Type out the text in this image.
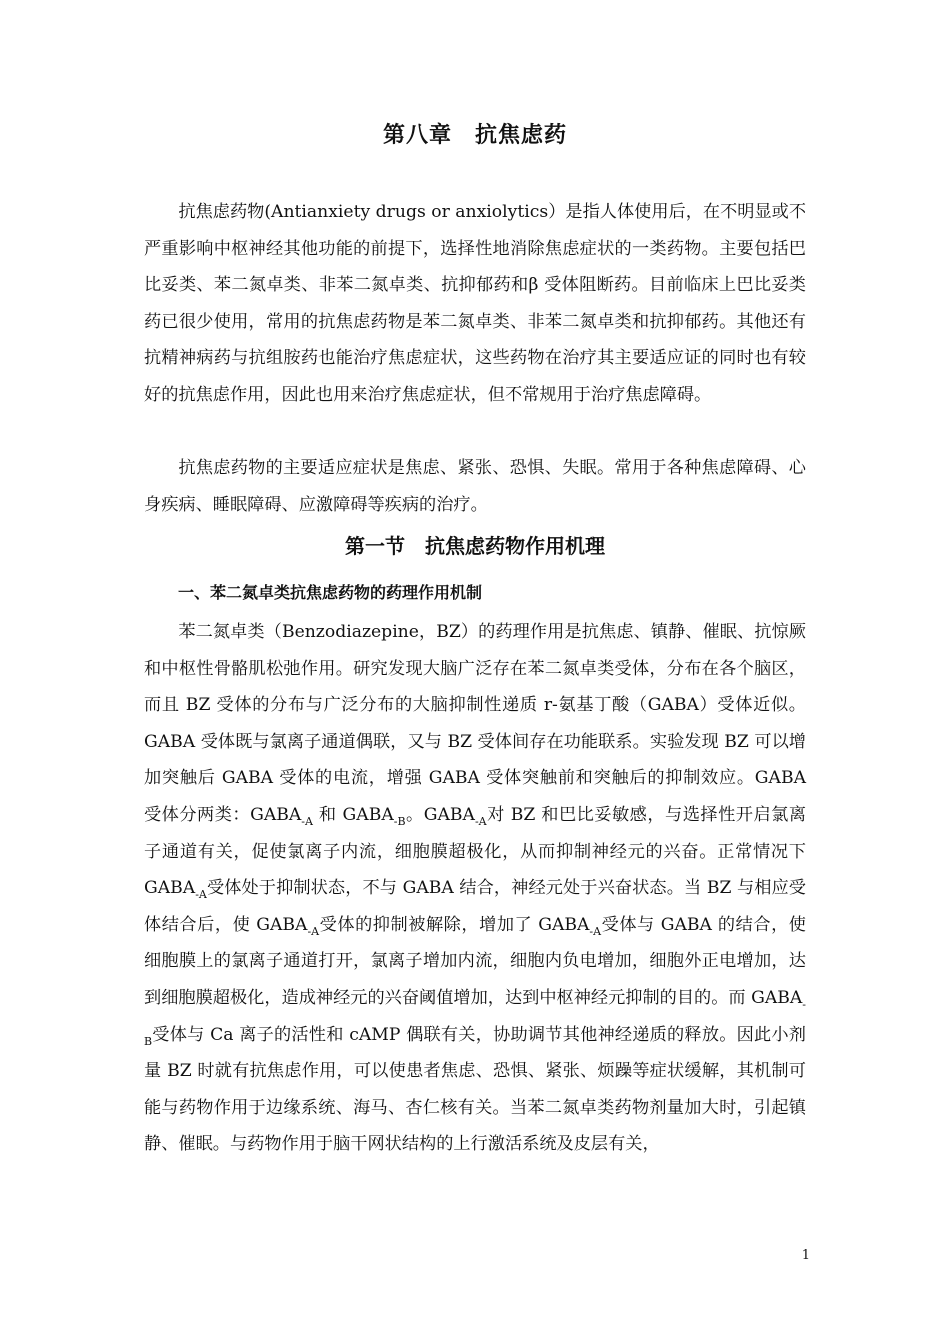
第八章　抗焦虑药

抗焦虑药物(Antianxiety drugs or anxiolytics）是指人体使用后，在不明显或不严重影响中枢神经其他功能的前提下，选择性地消除焦虑症状的一类药物。主要包括巴比妥类、苯二氮卓类、非苯二氮卓类、抗抑郁药和β 受体阻断药。目前临床上巴比妥类药已很少使用，常用的抗焦虑药物是苯二氮卓类、非苯二氮卓类和抗抑郁药。其他还有抗精神病药与抗组胺药也能治疗焦虑症状，这些药物在治疗其主要适应证的同时也有较好的抗焦虑作用，因此也用来治疗焦虑症状，但不常规用于治疗焦虑障碍。

抗焦虑药物的主要适应症状是焦虑、紧张、恐惧、失眠。常用于各种焦虑障碍、心身疾病、睡眠障碍、应激障碍等疾病的治疗。

第一节　抗焦虑药物作用机理
一、苯二氮卓类抗焦虑药物的药理作用机制

苯二氮卓类（Benzodiazepine，BZ）的药理作用是抗焦虑、镇静、催眠、抗惊厥和中枢性骨骼肌松弛作用。研究发现大脑广泛存在苯二氮卓类受体，分布在各个脑区，而且 BZ 受体的分布与广泛分布的大脑抑制性递质 r-氨基丁酸（GABA）受体近似。GABA 受体既与氯离子通道偶联，又与 BZ 受体间存在功能联系。实验发现 BZ 可以增加突触后 GABA 受体的电流，增强 GABA 受体突触前和突触后的抑制效应。GABA 受体分两类：$GABA_{-A}$ 和 $GABA_{-B}$。$GABA_{-A}$对 BZ 和巴比妥敏感，与选择性开启氯离子通道有关，促使氯离子内流，细胞膜超极化，从而抑制神经元的兴奋。正常情况下 $GABA_{-A}$受体处于抑制状态，不与 GABA 结合，神经元处于兴奋状态。当 BZ 与相应受体结合后，使 $GABA_{-A}$受体的抑制被解除，增加了 $GABA_{-A}$受体与 GABA 的结合，使细胞膜上的氯离子通道打开，氯离子增加内流，细胞内负电增加，细胞外正电增加，达到细胞膜超极化，造成神经元的兴奋阈值增加，达到中枢神经元抑制的目的。而 $GABA_{-B}$受体与 Ca 离子的活性和 cAMP 偶联有关，协助调节其他神经递质的释放。因此小剂量 BZ 时就有抗焦虑作用，可以使患者焦虑、恐惧、紧张、烦躁等症状缓解，其机制可能与药物作用于边缘系统、海马、杏仁核有关。当苯二氮卓类药物剂量加大时，引起镇静、催眠。与药物作用于脑干网状结构的上行激活系统及皮层有关，

1
